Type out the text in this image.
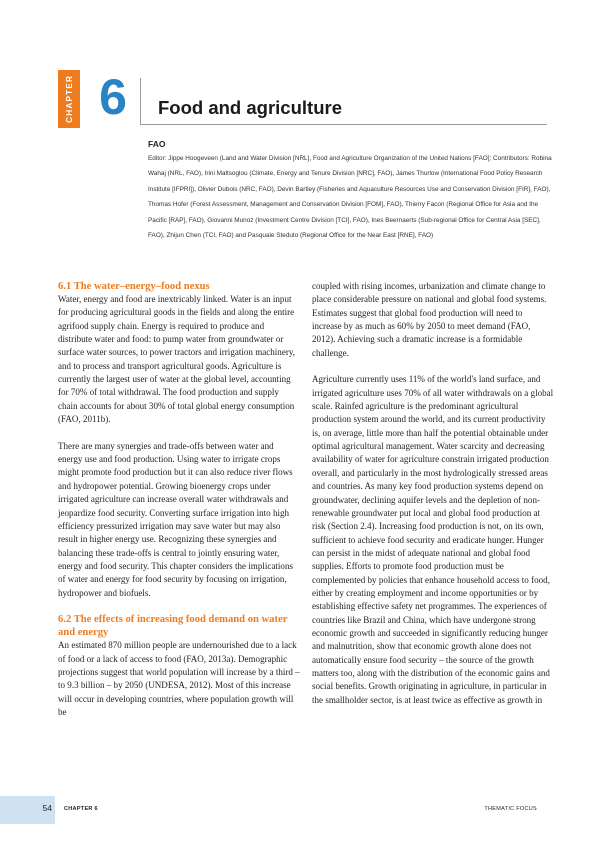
CHAPTER 6	Food and agriculture
FAO
Editor: Jippe Hoogeveen (Land and Water Division [NRL], Food and Agriculture Organization of the United Nations [FAO]; Contributors: Robina Wahaj (NRL, FAO), Irini Maltsoglou (Climate, Energy and Tenure Division [NRC], FAO), James Thurlow (International Food Policy Research Institute [IFPRI]), Olivier Dubois (NRC, FAO), Devin Bartley (Fisheries and Aquaculture Resources Use and Conservation Division [FIR], FAO), Thomas Hofer (Forest Assessment, Management and Conservation Division [FOM], FAO), Thierry Facon (Regional Office for Asia and the Pacific [RAP], FAO), Giovanni Munoz (Investment Centre Division [TCI], FAO), Ines Beernaerts (Sub-regional Office for Central Asia [SEC], FAO), Zhijun Chen (TCI, FAO) and Pasquale Steduto (Regional Office for the Near East [RNE], FAO)
6.1 The water–energy–food nexus

Water, energy and food are inextricably linked. Water is an input for producing agricultural goods in the fields and along the entire agrifood supply chain. Energy is required to produce and distribute water and food: to pump water from groundwater or surface water sources, to power tractors and irrigation machinery, and to process and transport agricultural goods. Agriculture is currently the largest user of water at the global level, accounting for 70% of total withdrawal. The food production and supply chain accounts for about 30% of total global energy consumption (FAO, 2011b).

There are many synergies and trade-offs between water and energy use and food production. Using water to irrigate crops might promote food production but it can also reduce river flows and hydropower potential. Growing bioenergy crops under irrigated agriculture can increase overall water withdrawals and jeopardize food security. Converting surface irrigation into high efficiency pressurized irrigation may save water but may also result in higher energy use. Recognizing these synergies and balancing these trade-offs is central to jointly ensuring water, energy and food security. This chapter considers the implications of water and energy for food security by focusing on irrigation, hydropower and biofuels.

6.2 The effects of increasing food demand on water and energy

An estimated 870 million people are undernourished due to a lack of food or a lack of access to food (FAO, 2013a). Demographic projections suggest that world population will increase by a third – to 9.3 billion – by 2050 (UNDESA, 2012). Most of this increase will occur in developing countries, where population growth will be

coupled with rising incomes, urbanization and climate change to place considerable pressure on national and global food systems. Estimates suggest that global food production will need to increase by as much as 60% by 2050 to meet demand (FAO, 2012). Achieving such a dramatic increase is a formidable challenge.

Agriculture currently uses 11% of the world's land surface, and irrigated agriculture uses 70% of all water withdrawals on a global scale. Rainfed agriculture is the predominant agricultural production system around the world, and its current productivity is, on average, little more than half the potential obtainable under optimal agricultural management. Water scarcity and decreasing availability of water for agriculture constrain irrigated production overall, and particularly in the most hydrologically stressed areas and countries. As many key food production systems depend on groundwater, declining aquifer levels and the depletion of non-renewable groundwater put local and global food production at risk (Section 2.4). Increasing food production is not, on its own, sufficient to achieve food security and eradicate hunger. Hunger can persist in the midst of adequate national and global food supplies. Efforts to promote food production must be complemented by policies that enhance household access to food, either by creating employment and income opportunities or by establishing effective safety net programmes. The experiences of countries like Brazil and China, which have undergone strong economic growth and succeeded in significantly reducing hunger and malnutrition, show that economic growth alone does not automatically ensure food security – the source of the growth matters too, along with the distribution of the economic gains and social benefits. Growth originating in agriculture, in particular in the smallholder sector, is at least twice as effective as growth in

54	CHAPTER 6	THEMATIC FOCUS
